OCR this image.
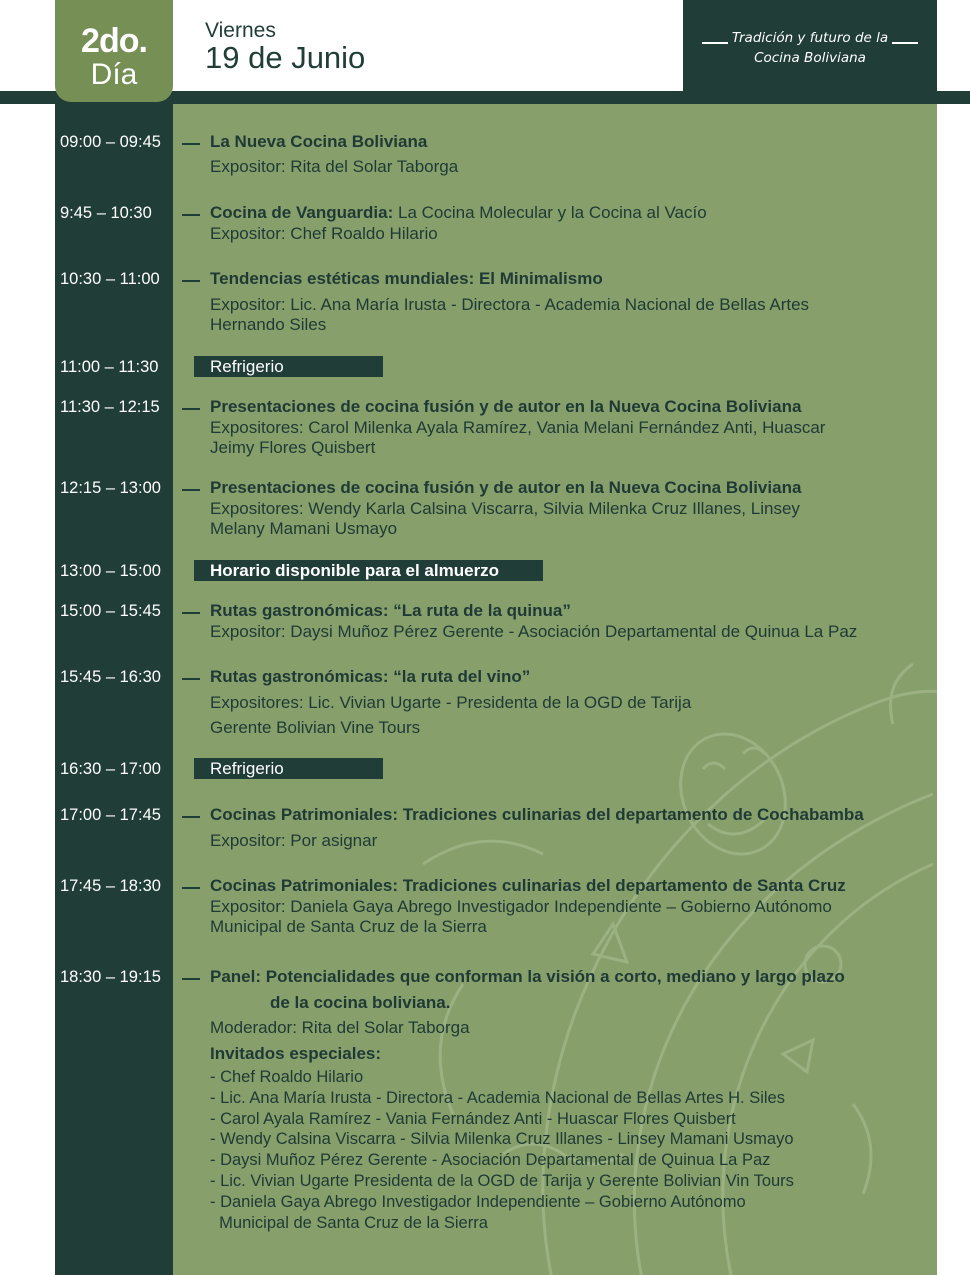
2do.
Día
Viernes
19 de Junio
Tradición y futuro de la
Cocina Boliviana
09:00 – 09:45	La Nueva Cocina Boliviana
Expositor: Rita del Solar Taborga
9:45 – 10:30	Cocina de Vanguardia: La Cocina Molecular y la Cocina al Vacío
Expositor: Chef Roaldo Hilario
10:30 – 11:00	Tendencias estéticas mundiales: El Minimalismo
Expositor: Lic. Ana María Irusta - Directora - Academia Nacional de Bellas Artes
Hernando Siles
11:00 – 11:30	Refrigerio
11:30 – 12:15	Presentaciones de cocina fusión y de autor en la Nueva Cocina Boliviana
Expositores: Carol Milenka Ayala Ramírez, Vania Melani Fernández Anti, Huascar
Jeimy Flores Quisbert
12:15 – 13:00	Presentaciones de cocina fusión y de autor en la Nueva Cocina Boliviana
Expositores: Wendy Karla Calsina Viscarra, Silvia Milenka Cruz Illanes, Linsey
Melany Mamani Usmayo
13:00 – 15:00	Horario disponible para el almuerzo
15:00 – 15:45	Rutas gastronómicas: “La ruta de la quinua”
Expositor: Daysi Muñoz Pérez Gerente - Asociación Departamental de Quinua La Paz
15:45 – 16:30	Rutas gastronómicas: “la ruta del vino”
Expositores: Lic. Vivian Ugarte - Presidenta de la OGD de Tarija
Gerente Bolivian Vine Tours
16:30 – 17:00	Refrigerio
17:00 – 17:45	Cocinas Patrimoniales: Tradiciones culinarias del departamento de Cochabamba
Expositor: Por asignar
17:45 – 18:30	Cocinas Patrimoniales: Tradiciones culinarias del departamento de Santa Cruz
Expositor: Daniela Gaya Abrego Investigador Independiente – Gobierno Autónomo
Municipal de Santa Cruz de la Sierra
18:30 – 19:15	Panel: Potencialidades que conforman la visión a corto, mediano y largo plazo
de la cocina boliviana.
Moderador: Rita del Solar Taborga
Invitados especiales:
- Chef Roaldo Hilario
- Lic. Ana María Irusta - Directora - Academia Nacional de Bellas Artes H. Siles
- Carol Ayala Ramírez - Vania Fernández Anti - Huascar Flores Quisbert
- Wendy Calsina Viscarra - Silvia Milenka Cruz Illanes - Linsey Mamani Usmayo
- Daysi Muñoz Pérez Gerente - Asociación Departamental de Quinua La Paz
- Lic. Vivian Ugarte Presidenta de la OGD de Tarija y Gerente Bolivian Vin Tours
- Daniela Gaya Abrego Investigador Independiente – Gobierno Autónomo
Municipal de Santa Cruz de la Sierra
